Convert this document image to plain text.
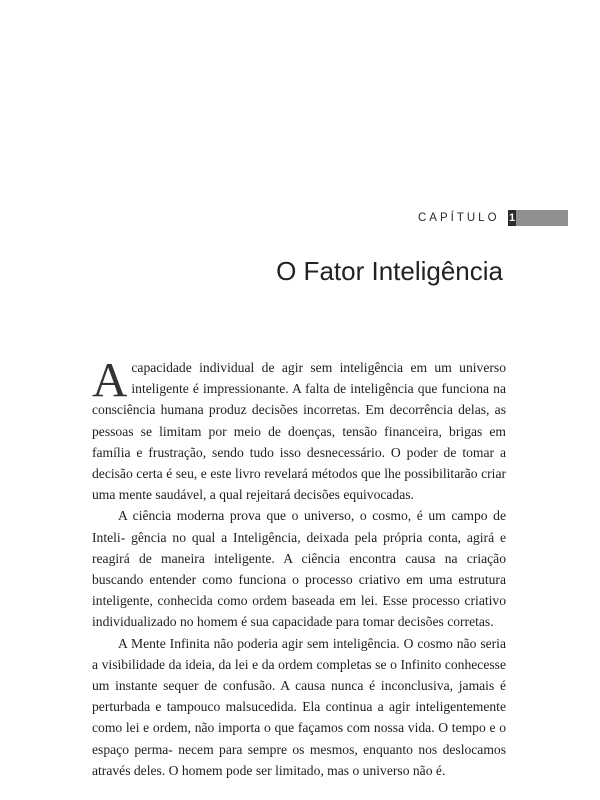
CAPÍTULO 1
O Fator Inteligência

A capacidade individual de agir sem inteligência em um universo inteligente é impressionante. A falta de inteligência que funciona na consciência humana produz decisões incorretas. Em decorrência delas, as pessoas se limitam por meio de doenças, tensão financeira, brigas em família e frustração, sendo tudo isso desnecessário. O poder de tomar a decisão certa é seu, e este livro revelará métodos que lhe possibilitarão criar uma mente saudável, a qual rejeitará decisões equivocadas.

A ciência moderna prova que o universo, o cosmo, é um campo de Inteli- gência no qual a Inteligência, deixada pela própria conta, agirá e reagirá de maneira inteligente. A ciência encontra causa na criação buscando entender como funciona o processo criativo em uma estrutura inteligente, conhecida como ordem baseada em lei. Esse processo criativo individualizado no homem é sua capacidade para tomar decisões corretas.

A Mente Infinita não poderia agir sem inteligência. O cosmo não seria a visibilidade da ideia, da lei e da ordem completas se o Infinito conhecesse um instante sequer de confusão. A causa nunca é inconclusiva, jamais é perturbada e tampouco malsucedida. Ela continua a agir inteligentemente como lei e ordem, não importa o que façamos com nossa vida. O tempo e o espaço perma- necem para sempre os mesmos, enquanto nos deslocamos através deles. O homem pode ser limitado, mas o universo não é.
